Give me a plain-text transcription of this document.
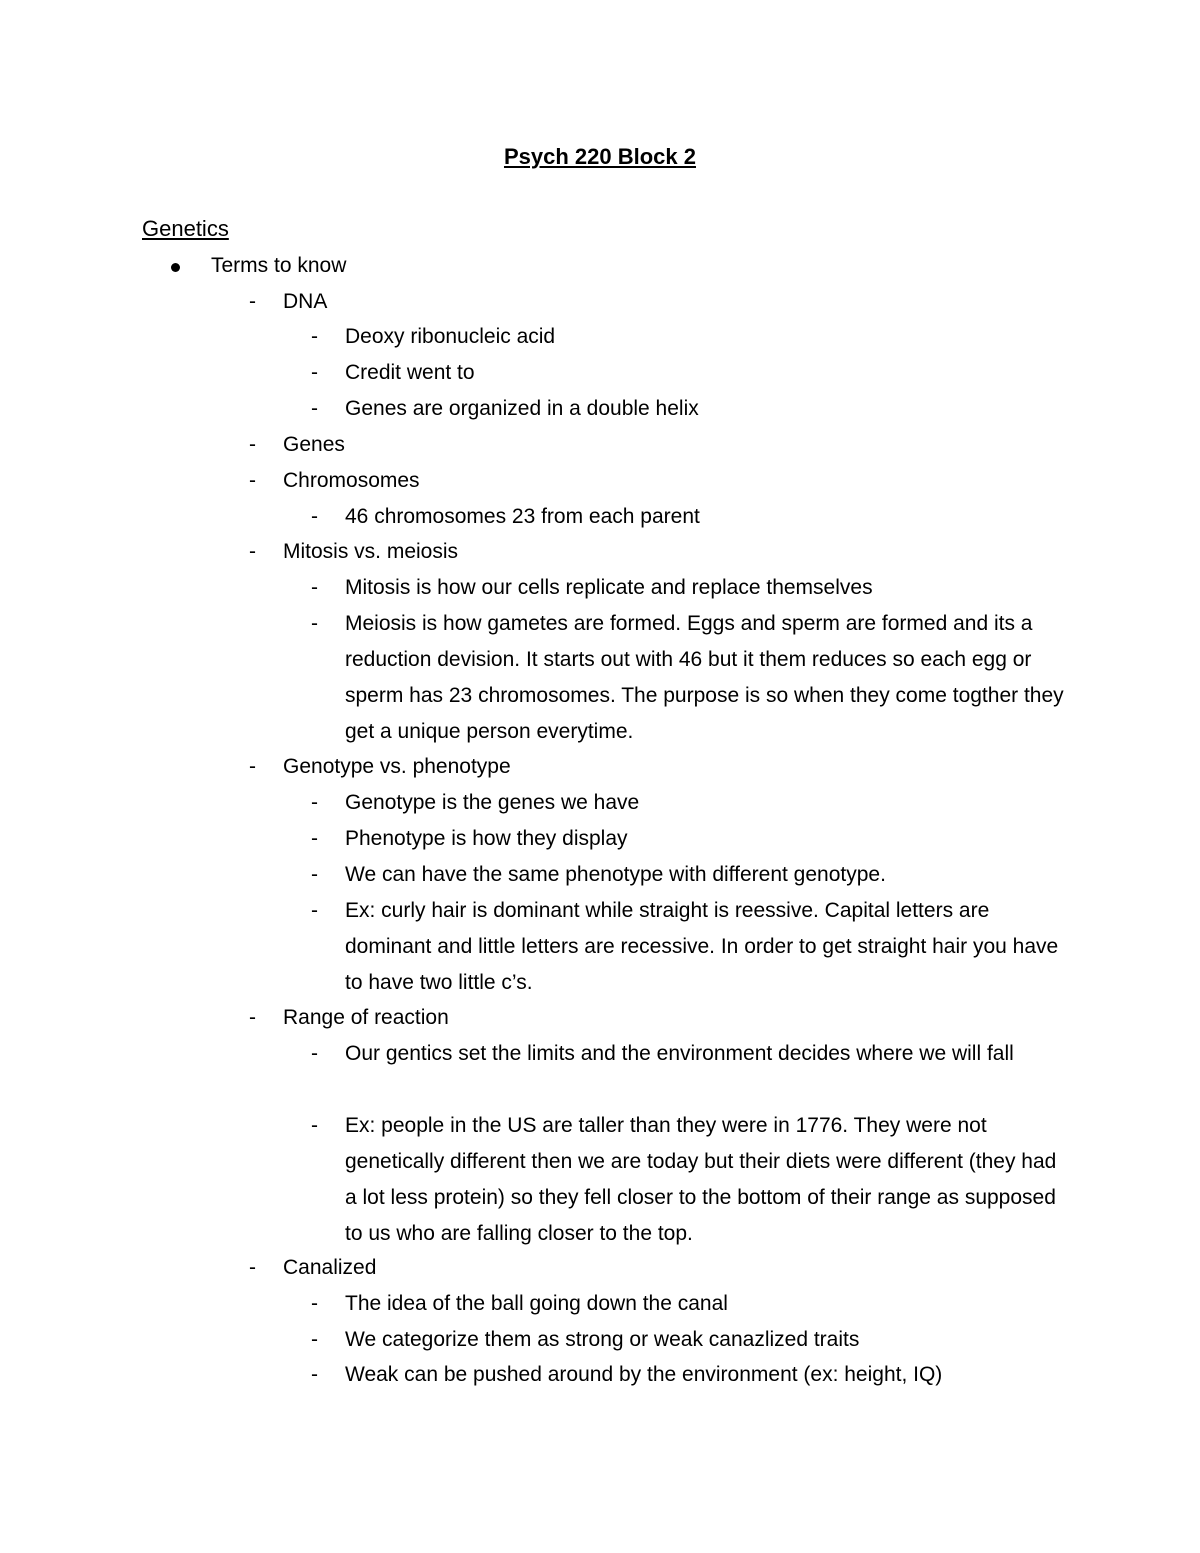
Psych 220 Block 2
Genetics
Terms to know
- DNA
- Deoxy ribonucleic acid
- Credit went to
- Genes are organized in a double helix
- Genes
- Chromosomes
- 46 chromosomes 23 from each parent
- Mitosis vs. meiosis
- Mitosis is how our cells replicate and replace themselves
- Meiosis is how gametes are formed. Eggs and sperm are formed and its a reduction devision. It starts out with 46 but it them reduces so each egg or sperm has 23 chromosomes. The purpose is so when they come togther they get a unique person everytime.
- Genotype vs. phenotype
- Genotype is the genes we have
- Phenotype is how they display
- We can have the same phenotype with different genotype.
- Ex: curly hair is dominant while straight is reessive. Capital letters are dominant and little letters are recessive. In order to get straight hair you have to have two little c’s.
- Range of reaction
- Our gentics set the limits and the environment decides where we will fall
- Ex: people in the US are taller than they were in 1776. They were not genetically different then we are today but their diets were different (they had a lot less protein) so they fell closer to the bottom of their range as supposed to us who are falling closer to the top.
- Canalized
- The idea of the ball going down the canal
- We categorize them as strong or weak canazlized traits
- Weak can be pushed around by the environment (ex: height, IQ)
